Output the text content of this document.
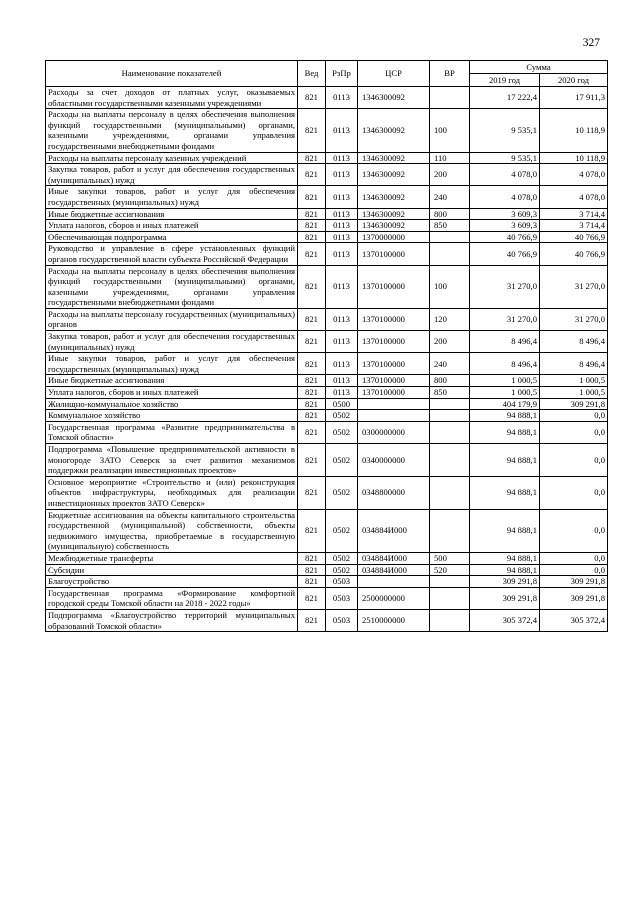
327
Наименование показателей	Вед	РзПр	ЦСР	ВР	Сумма	
					2019 год	2020 год
Расходы за счет доходов от платных услуг, оказываемых областными государственными казенными учреждениями	821	0113	1346300092		17 222,4	17 911,3
Расходы на выплаты персоналу в целях обеспечения выполнения функций государственными (муниципальными) органами, казенными учреждениями, органами управления государственными внебюджетными фондами	821	0113	1346300092	100	9 535,1	10 118,9
Расходы на выплаты персоналу казенных учреждений	821	0113	1346300092	110	9 535,1	10 118,9
Закупка товаров, работ и услуг для обеспечения государственных (муниципальных) нужд	821	0113	1346300092	200	4 078,0	4 078,0
Иные закупки товаров, работ и услуг для обеспечения государственных (муниципальных) нужд	821	0113	1346300092	240	4 078,0	4 078,0
Иные бюджетные ассигнования	821	0113	1346300092	800	3 609,3	3 714,4
Уплата налогов, сборов и иных платежей	821	0113	1346300092	850	3 609,3	3 714,4
Обеспечивающая подпрограмма	821	0113	1370000000		40 766,9	40 766,9
Руководство и управление в сфере установленных функций органов государственной власти субъекта Российской Федерации	821	0113	1370100000		40 766,9	40 766,9
Расходы на выплаты персоналу в целях обеспечения выполнения функций государственными (муниципальными) органами, казенными учреждениями, органами управления государственными внебюджетными фондами	821	0113	1370100000	100	31 270,0	31 270,0
Расходы на выплаты персоналу государственных (муниципальных) органов	821	0113	1370100000	120	31 270,0	31 270,0
Закупка товаров, работ и услуг для обеспечения государственных (муниципальных) нужд	821	0113	1370100000	200	8 496,4	8 496,4
Иные закупки товаров, работ и услуг для обеспечения государственных (муниципальных) нужд	821	0113	1370100000	240	8 496,4	8 496,4
Иные бюджетные ассигнования	821	0113	1370100000	800	1 000,5	1 000,5
Уплата налогов, сборов и иных платежей	821	0113	1370100000	850	1 000,5	1 000,5
Жилищно-коммунальное хозяйство	821	0500			404 179,9	309 291,8
Коммунальное хозяйство	821	0502			94 888,1	0,0
Государственная программа «Развитие предпринимательства в Томской области»	821	0502	0300000000		94 888,1	0,0
Подпрограмма «Повышение предпринимательской активности в моногороде ЗАТО Северск за счет развития механизмов поддержки реализации инвестиционных проектов»	821	0502	0340000000		94 888,1	0,0
Основное мероприятие «Строительство и (или) реконструкция объектов инфраструктуры, необходимых для реализации инвестиционных проектов ЗАТО Северск»	821	0502	0348800000		94 888,1	0,0
Бюджетные ассигнования на объекты капитального строительства государственной (муниципальной) собственности, объекты недвижимого имущества, приобретаемые в государственную (муниципальную) собственность	821	0502	034884И000		94 888,1	0,0
Межбюджетные трансферты	821	0502	034884И000	500	94 888,1	0,0
Субсидии	821	0502	034884И000	520	94 888,1	0,0
Благоустройство	821	0503			309 291,8	309 291,8
Государственная программа «Формирование комфортной городской среды Томской области на 2018 - 2022 годы»	821	0503	2500000000		309 291,8	309 291,8
Подпрограмма «Благоустройство территорий муниципальных образований Томской области»	821	0503	2510000000		305 372,4	305 372,4
